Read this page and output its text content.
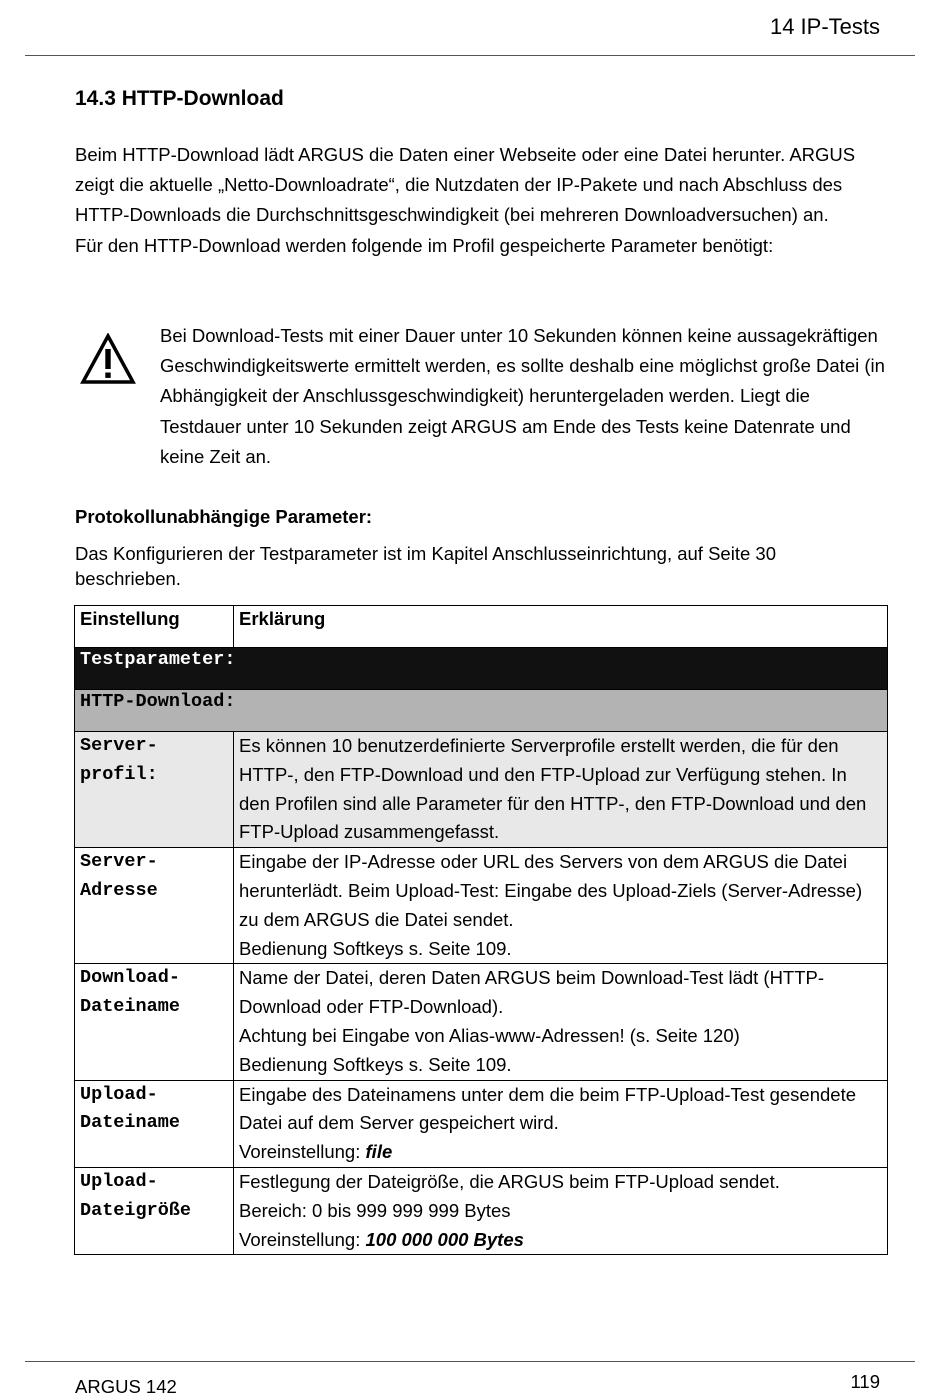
14 IP-Tests
14.3 HTTP-Download

Beim HTTP-Download lädt ARGUS die Daten einer Webseite oder eine Datei herunter. ARGUS zeigt die aktuelle „Netto-Downloadrate“, die Nutzdaten der IP-Pakete und nach Abschluss des HTTP-Downloads die Durchschnittsgeschwindigkeit (bei mehreren Downloadversuchen) an.

Für den HTTP-Download werden folgende im Profil gespeicherte Parameter benötigt:

Bei Download-Tests mit einer Dauer unter 10 Sekunden können keine aussagekräftigen Geschwindigkeitswerte ermittelt werden, es sollte deshalb eine möglichst große Datei (in Abhängigkeit der Anschlussgeschwindigkeit) heruntergeladen werden. Liegt die Testdauer unter 10 Sekunden zeigt ARGUS am Ende des Tests keine Datenrate und keine Zeit an.
Protokollunabhängige Parameter:
Das Konfigurieren der Testparameter ist im Kapitel Anschlusseinrichtung, auf Seite 30 beschrieben.
Einstellung	Erklärung
Testparameter:	
HTTP-Download:	
Server-
profil:	Es können 10 benutzerdefinierte Serverprofile erstellt werden, die für den HTTP-, den FTP-Download und den FTP-Upload zur Verfügung stehen. In den Profilen sind alle Parameter für den HTTP-, den FTP-Download und den FTP-Upload zusammengefasst.
Server-
Adresse	Eingabe der IP-Adresse oder URL des Servers von dem ARGUS die Datei herunterlädt. Beim Upload-Test: Eingabe des Upload-Ziels (Server-Adresse) zu dem ARGUS die Datei sendet.
Bedienung Softkeys s. Seite 109.
Download-
Dateiname	Name der Datei, deren Daten ARGUS beim Download-Test lädt (HTTP-Download oder FTP-Download).
Achtung bei Eingabe von Alias-www-Adressen! (s. Seite 120)
Bedienung Softkeys s. Seite 109.
Upload-
Dateiname	Eingabe des Dateinamens unter dem die beim FTP-Upload-Test gesendete Datei auf dem Server gespeichert wird.
Voreinstellung: file
Upload-
Dateigröße	Festlegung der Dateigröße, die ARGUS beim FTP-Upload sendet.
Bereich: 0 bis 999 999 999 Bytes
Voreinstellung: 100 000 000 Bytes
ARGUS 142	119
